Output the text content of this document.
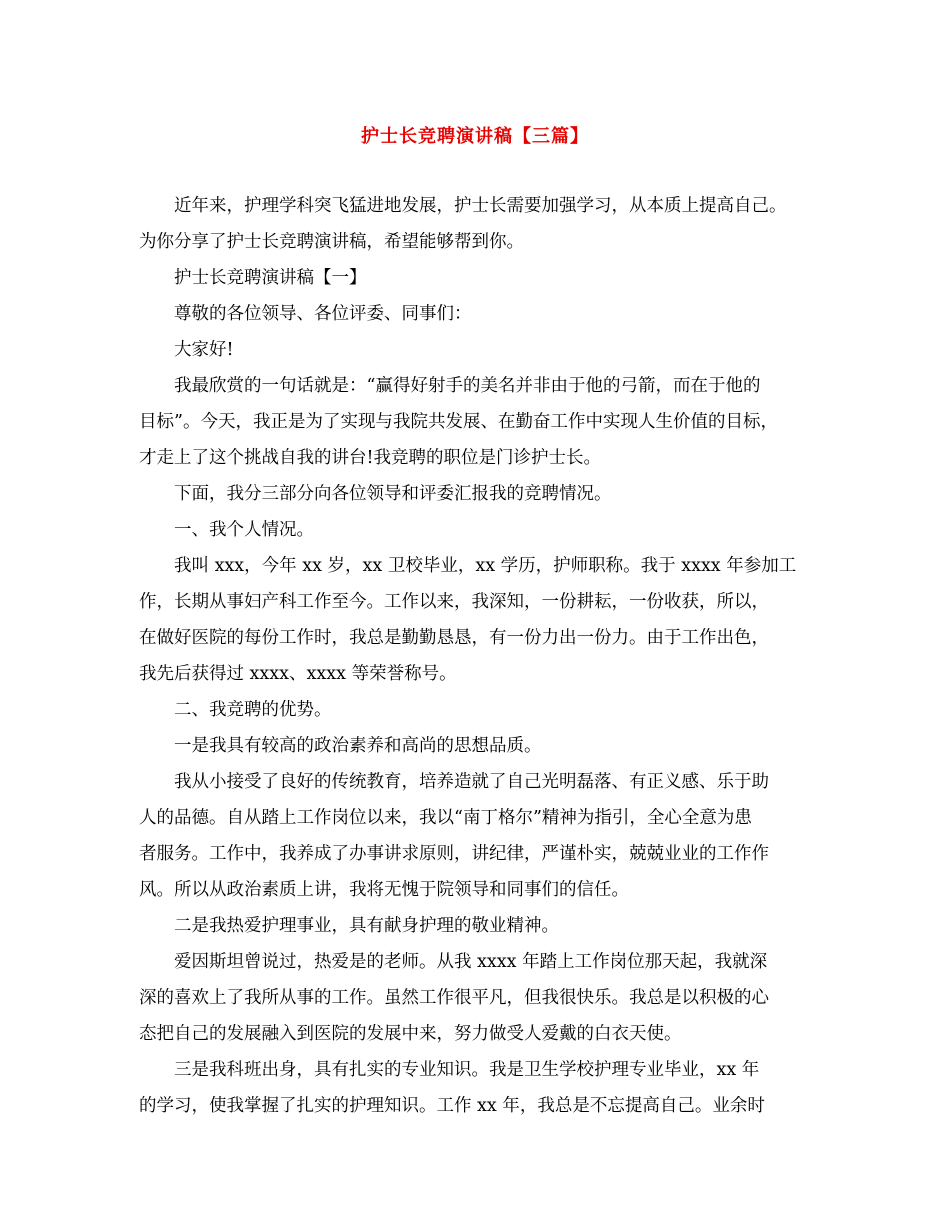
护士长竞聘演讲稿【三篇】
近年来，护理学科突飞猛进地发展，护士长需要加强学习，从本质上提高自己。
为你分享了护士长竞聘演讲稿，希望能够帮到你。
护士长竞聘演讲稿【一】
尊敬的各位领导、各位评委、同事们：
大家好!
我最欣赏的一句话就是：“赢得好射手的美名并非由于他的弓箭，而在于他的
目标”。今天，我正是为了实现与我院共发展、在勤奋工作中实现人生价值的目标，
才走上了这个挑战自我的讲台!我竞聘的职位是门诊护士长。
下面，我分三部分向各位领导和评委汇报我的竞聘情况。
一、我个人情况。
我叫 xxx，今年 xx 岁，xx 卫校毕业，xx 学历，护师职称。我于 xxxx 年参加工
作，长期从事妇产科工作至今。工作以来，我深知，一份耕耘，一份收获，所以，
在做好医院的每份工作时，我总是勤勤恳恳，有一份力出一份力。由于工作出色，
我先后获得过 xxxx、xxxx 等荣誉称号。
二、我竞聘的优势。
一是我具有较高的政治素养和高尚的思想品质。
我从小接受了良好的传统教育，培养造就了自己光明磊落、有正义感、乐于助
人的品德。自从踏上工作岗位以来，我以“南丁格尔”精神为指引，全心全意为患
者服务。工作中，我养成了办事讲求原则，讲纪律，严谨朴实，兢兢业业的工作作
风。所以从政治素质上讲，我将无愧于院领导和同事们的信任。
二是我热爱护理事业，具有献身护理的敬业精神。
爱因斯坦曾说过，热爱是的老师。从我 xxxx 年踏上工作岗位那天起，我就深
深的喜欢上了我所从事的工作。虽然工作很平凡，但我很快乐。我总是以积极的心
态把自己的发展融入到医院的发展中来，努力做受人爱戴的白衣天使。
三是我科班出身，具有扎实的专业知识。我是卫生学校护理专业毕业，xx 年
的学习，使我掌握了扎实的护理知识。工作 xx 年，我总是不忘提高自己。业余时
